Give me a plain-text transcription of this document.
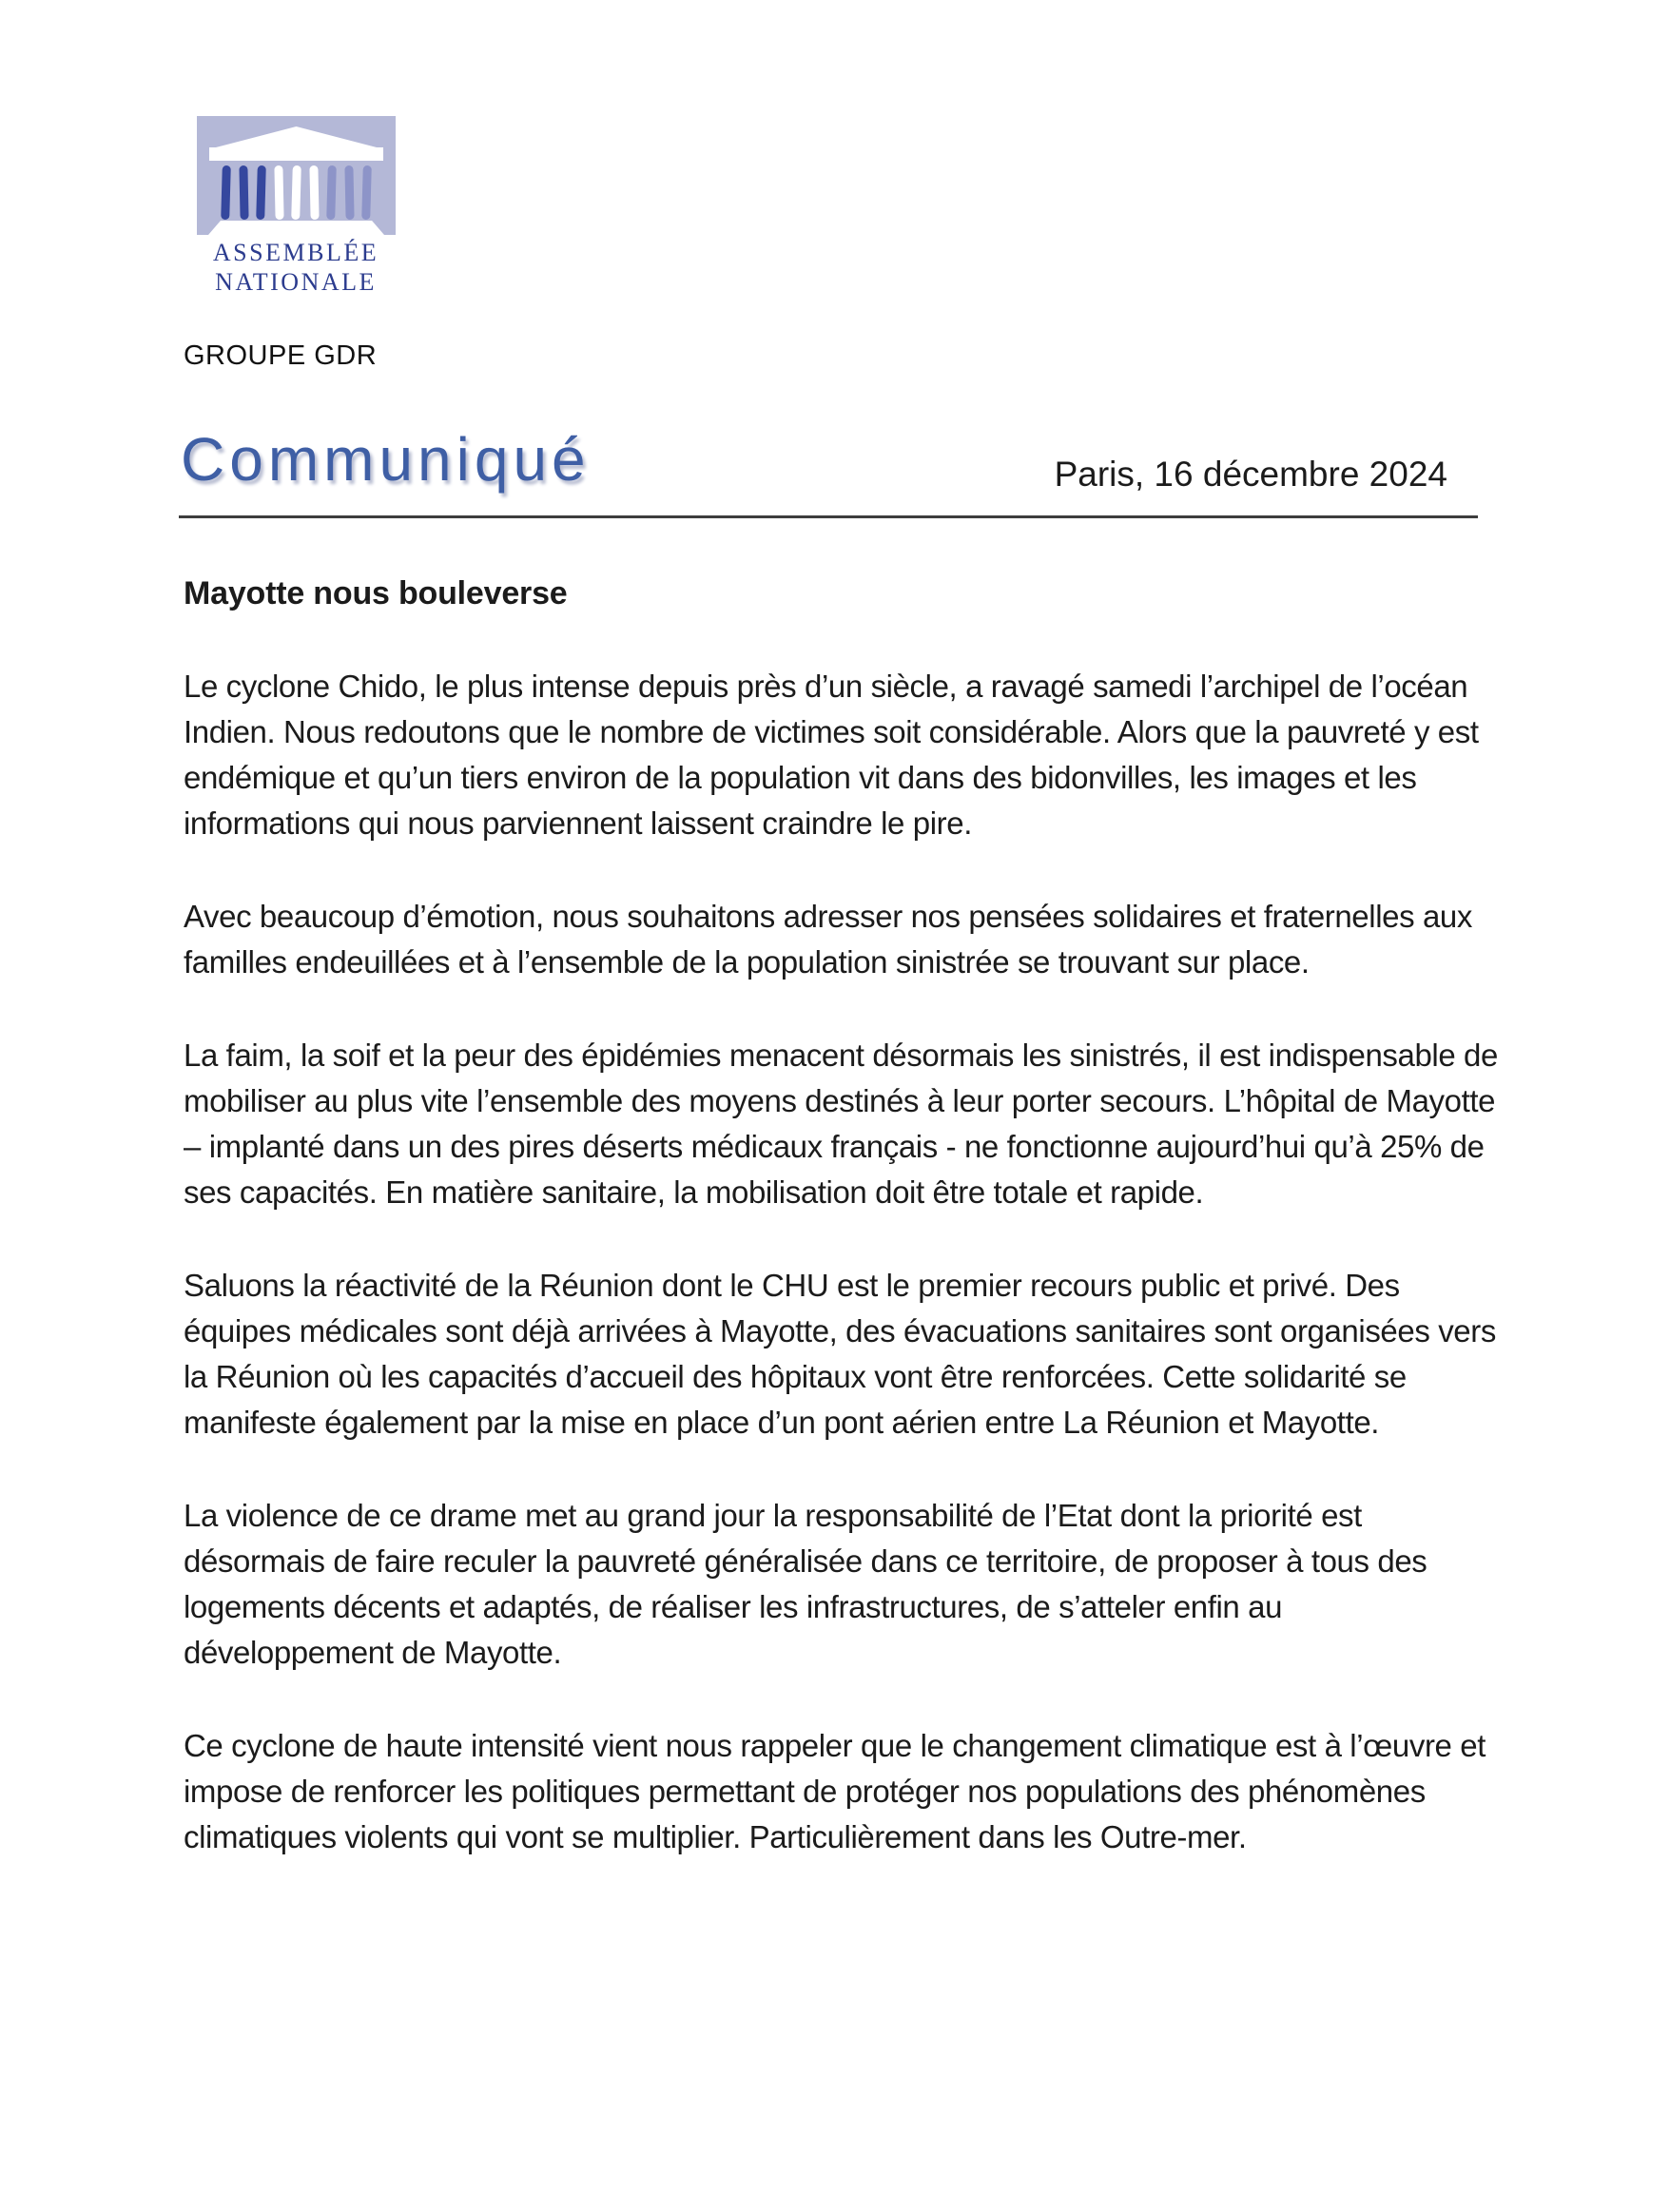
ASSEMBLÉE
NATIONALE
GROUPE GDR
Communiqué	Paris, 16 décembre 2024
Mayotte nous bouleverse

Le cyclone Chido, le plus intense depuis près d’un siècle, a ravagé samedi l’archipel de l’océan Indien. Nous redoutons que le nombre de victimes soit considérable. Alors que la pauvreté y est endémique et qu’un tiers environ de la population vit dans des bidonvilles, les images et les informations qui nous parviennent laissent craindre le pire.

Avec beaucoup d’émotion, nous souhaitons adresser nos pensées solidaires et fraternelles aux familles endeuillées et à l’ensemble de la population sinistrée se trouvant sur place.

La faim, la soif et la peur des épidémies menacent désormais les sinistrés, il est indispensable de mobiliser au plus vite l’ensemble des moyens destinés à leur porter secours. L’hôpital de Mayotte – implanté dans un des pires déserts médicaux français - ne fonctionne aujourd’hui qu’à 25% de ses capacités. En matière sanitaire, la mobilisation doit être totale et rapide.

Saluons la réactivité de la Réunion dont le CHU est le premier recours public et privé. Des équipes médicales sont déjà arrivées à Mayotte, des évacuations sanitaires sont organisées vers la Réunion où les capacités d’accueil des hôpitaux vont être renforcées. Cette solidarité se manifeste également par la mise en place d’un pont aérien entre La Réunion et Mayotte.

La violence de ce drame met au grand jour la responsabilité de l’Etat dont la priorité est désormais de faire reculer la pauvreté généralisée dans ce territoire, de proposer à tous des logements décents et adaptés, de réaliser les infrastructures, de s’atteler enfin au développement de Mayotte.

Ce cyclone de haute intensité vient nous rappeler que le changement climatique est à l’œuvre et impose de renforcer les politiques permettant de protéger nos populations des phénomènes climatiques violents qui vont se multiplier. Particulièrement dans les Outre-mer.
